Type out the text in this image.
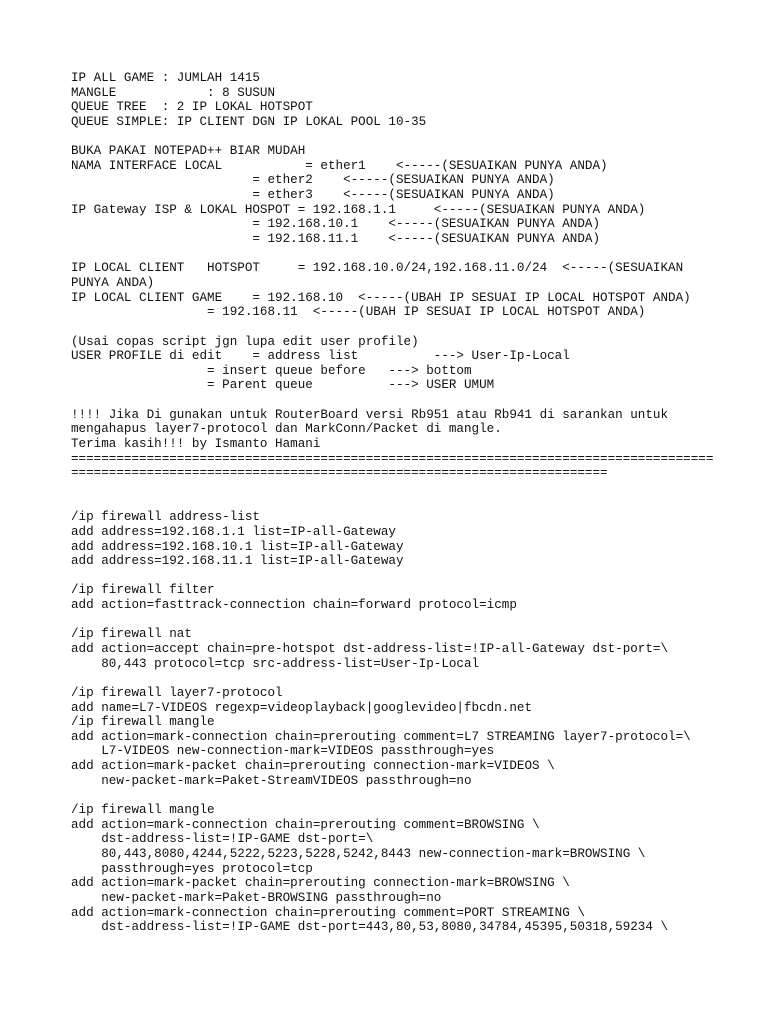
IP ALL GAME : JUMLAH 1415
MANGLE            : 8 SUSUN
QUEUE TREE  : 2 IP LOKAL HOTSPOT
QUEUE SIMPLE: IP CLIENT DGN IP LOKAL POOL 10-35
BUKA PAKAI NOTEPAD++ BIAR MUDAH
NAMA INTERFACE LOCAL           = ether1    <-----(SESUAIKAN PUNYA ANDA)
= ether2    <-----(SESUAIKAN PUNYA ANDA)
= ether3    <-----(SESUAIKAN PUNYA ANDA)
IP Gateway ISP & LOKAL HOSPOT = 192.168.1.1     <-----(SESUAIKAN PUNYA ANDA)
= 192.168.10.1    <-----(SESUAIKAN PUNYA ANDA)
= 192.168.11.1    <-----(SESUAIKAN PUNYA ANDA)
IP LOCAL CLIENT   HOTSPOT     = 192.168.10.0/24,192.168.11.0/24  <-----(SESUAIKAN
PUNYA ANDA)
IP LOCAL CLIENT GAME    = 192.168.10  <-----(UBAH IP SESUAI IP LOCAL HOTSPOT ANDA)
= 192.168.11  <-----(UBAH IP SESUAI IP LOCAL HOTSPOT ANDA)
(Usai copas script jgn lupa edit user profile)
USER PROFILE di edit    = address list          ---> User-Ip-Local
= insert queue before   ---> bottom
= Parent queue          ---> USER UMUM
!!!! Jika Di gunakan untuk RouterBoard versi Rb951 atau Rb941 di sarankan untuk
mengahapus layer7-protocol dan MarkConn/Packet di mangle.
Terima kasih!!! by Ismanto Hamani
=====================================================================================
=======================================================================
/ip firewall address-list
add address=192.168.1.1 list=IP-all-Gateway
add address=192.168.10.1 list=IP-all-Gateway
add address=192.168.11.1 list=IP-all-Gateway
/ip firewall filter
add action=fasttrack-connection chain=forward protocol=icmp
/ip firewall nat
add action=accept chain=pre-hotspot dst-address-list=!IP-all-Gateway dst-port=\
80,443 protocol=tcp src-address-list=User-Ip-Local
/ip firewall layer7-protocol
add name=L7-VIDEOS regexp=videoplayback|googlevideo|fbcdn.net
/ip firewall mangle
add action=mark-connection chain=prerouting comment=L7 STREAMING layer7-protocol=\
L7-VIDEOS new-connection-mark=VIDEOS passthrough=yes
add action=mark-packet chain=prerouting connection-mark=VIDEOS \
new-packet-mark=Paket-StreamVIDEOS passthrough=no
/ip firewall mangle
add action=mark-connection chain=prerouting comment=BROWSING \
dst-address-list=!IP-GAME dst-port=\
80,443,8080,4244,5222,5223,5228,5242,8443 new-connection-mark=BROWSING \
passthrough=yes protocol=tcp
add action=mark-packet chain=prerouting connection-mark=BROWSING \
new-packet-mark=Paket-BROWSING passthrough=no
add action=mark-connection chain=prerouting comment=PORT STREAMING \
dst-address-list=!IP-GAME dst-port=443,80,53,8080,34784,45395,50318,59234 \
